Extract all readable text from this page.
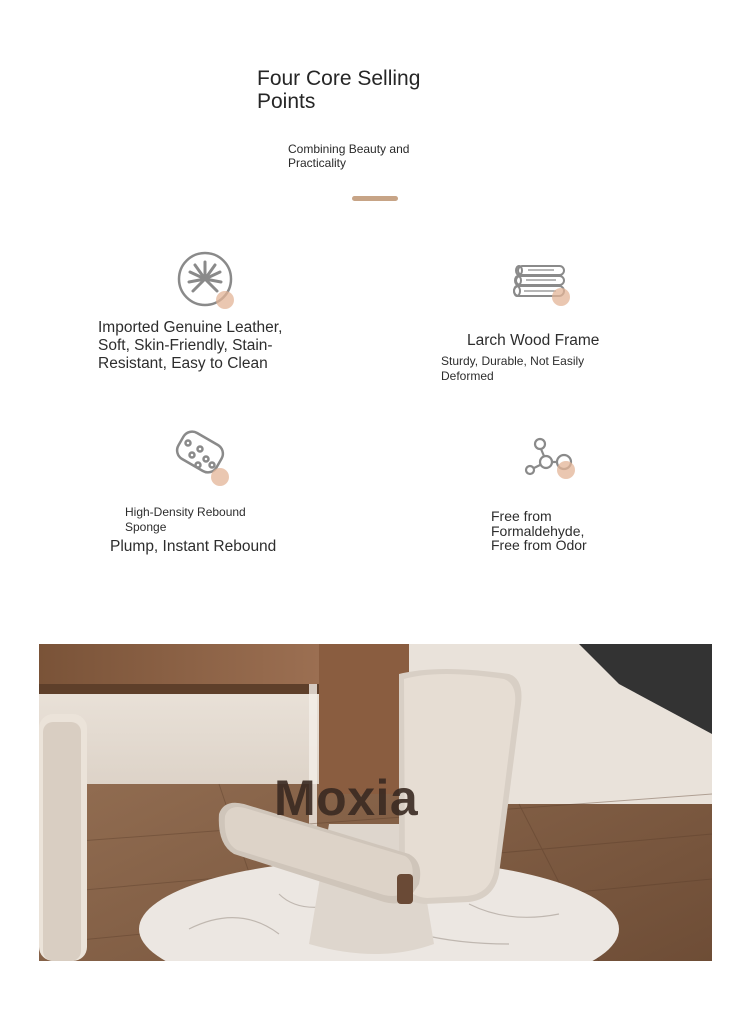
Four Core Selling Points
Combining Beauty and Practicality
Imported Genuine Leather, Soft, Skin-Friendly, Stain-Resistant, Easy to Clean
Larch Wood Frame
Sturdy, Durable, Not Easily Deformed
High-Density Rebound Sponge
Plump, Instant Rebound
Free from Formaldehyde, Free from Odor
Moxia
